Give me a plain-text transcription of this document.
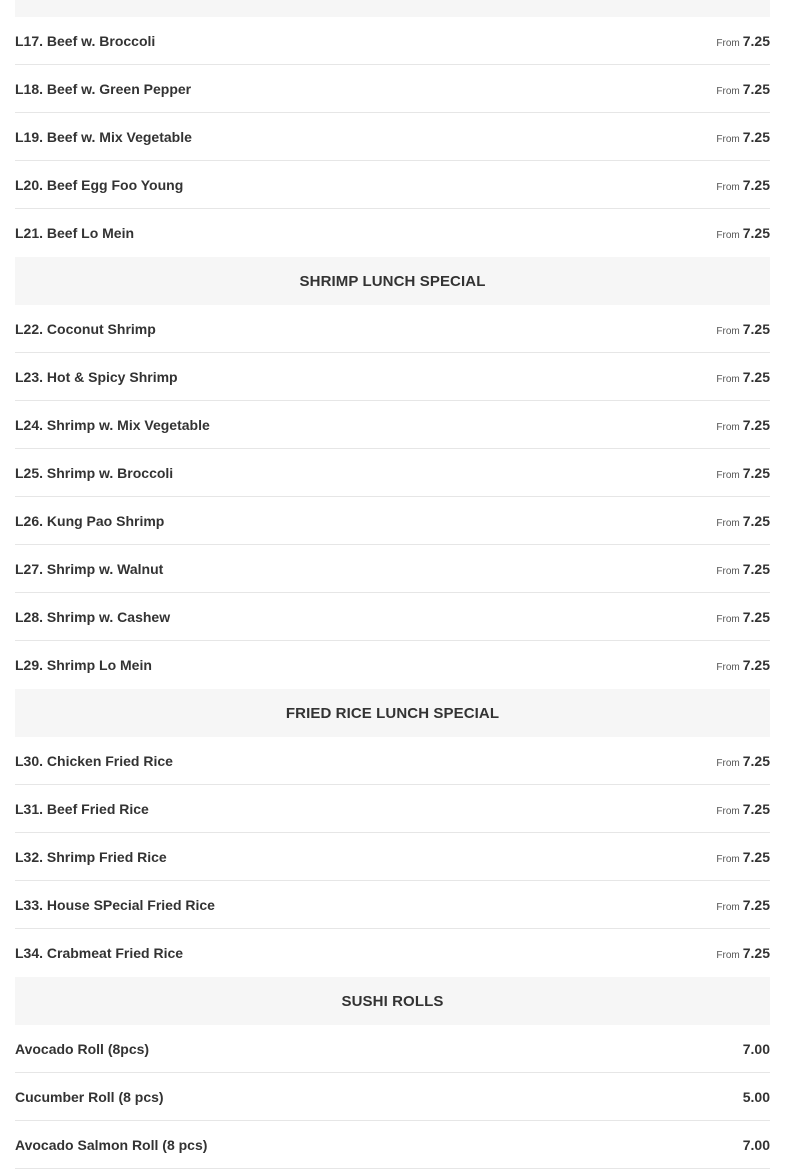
L17. Beef w. Broccoli	From 7.25
L18. Beef w. Green Pepper	From 7.25
L19. Beef w. Mix Vegetable	From 7.25
L20. Beef Egg Foo Young	From 7.25
L21. Beef Lo Mein	From 7.25
SHRIMP LUNCH SPECIAL
L22. Coconut Shrimp	From 7.25
L23. Hot & Spicy Shrimp	From 7.25
L24. Shrimp w. Mix Vegetable	From 7.25
L25. Shrimp w. Broccoli	From 7.25
L26. Kung Pao Shrimp	From 7.25
L27. Shrimp w. Walnut	From 7.25
L28. Shrimp w. Cashew	From 7.25
L29. Shrimp Lo Mein	From 7.25
FRIED RICE LUNCH SPECIAL
L30. Chicken Fried Rice	From 7.25
L31. Beef Fried Rice	From 7.25
L32. Shrimp Fried Rice	From 7.25
L33. House SPecial Fried Rice	From 7.25
L34. Crabmeat Fried Rice	From 7.25
SUSHI ROLLS
Avocado Roll (8pcs)	7.00
Cucumber Roll (8 pcs)	5.00
Avocado Salmon Roll (8 pcs)	7.00
